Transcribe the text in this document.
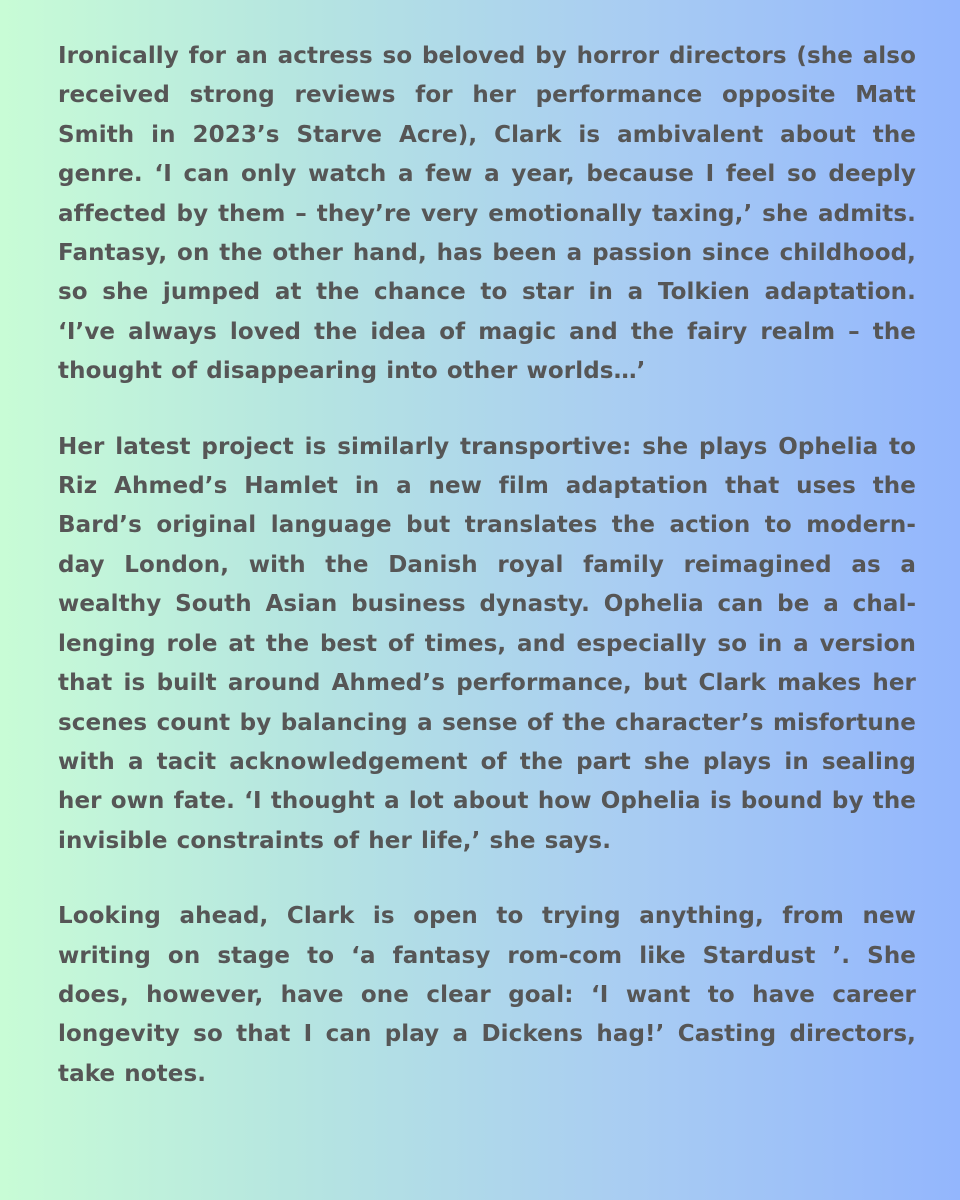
Ironically for an actress so beloved by horror directors (she also received strong reviews for her performance opposite Matt Smith in 2023’s Starve Acre), Clark is ambivalent about the genre. ‘I can only watch a few a year, because I feel so deeply affected by them – they’re very emotionally taxing,’ she admits. Fantasy, on the other hand, has been a passion since childhood, so she jumped at the chance to star in a Tolkien adaptation. ‘I’ve always loved the idea of magic and the fairy realm – the thought of disappearing into other worlds…’

Her latest project is similarly transportive: she plays Ophelia to Riz Ahmed’s Hamlet in a new film adaptation that uses the Bard’s original language but translates the action to modern-day London, with the Danish royal family reimagined as a wealthy South Asian business dynasty. Ophelia can be a challenging role at the best of times, and especially so in a version that is built around Ahmed’s performance, but Clark makes her scenes count by balancing a sense of the character’s misfortune with a tacit acknowledgement of the part she plays in sealing her own fate. ‘I thought a lot about how Ophelia is bound by the invisible constraints of her life,’ she says.

Looking ahead, Clark is open to trying anything, from new writing on stage to ‘a fantasy rom-com like Stardust ’. She does, however, have one clear goal: ‘I want to have career longevity so that I can play a Dickens hag!’ Casting directors, take notes.
